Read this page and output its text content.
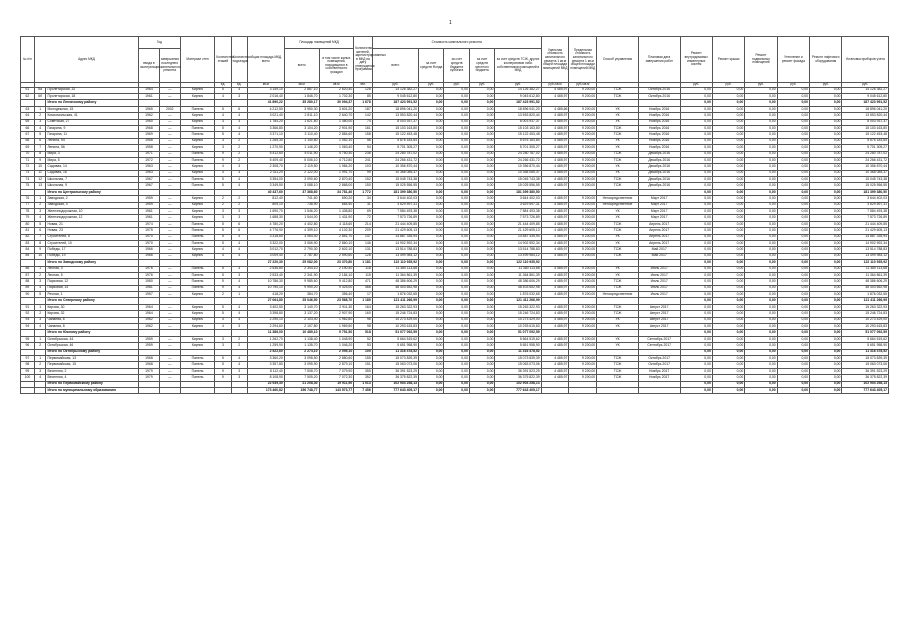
1
№ п/п	Адрес МКД		Год		Материал стен	Количество этажей	Количество подъездов	общая площадь МКД, всего	Площадь помещений МКД		Количество жителей, зарегистрированных в МКД на дату утверждения программы	Стоимость капитального ремонта					Удельная стоимость капитального ремонта 1 кв.м общей площади помещений МКД	Предельная стоимость капитального ремонта 1 кв.м общей площади помещений МКД	Способ управления	Плановая дата завершения работ	Ремонт внутридомовых инженерных систем	Ремонт крыши	Ремонт подвальных помещений	Утепление и ремонт фасада	Ремонт лифтового оборудования	Установка приборов учета
			ввода в эксплуатацию	завершения последнего капитального ремонта					всего	в том числе жилых помещений, находящихся в собственности граждан		всего	за счет средств Фонда	за счет средств бюджета субъекта	за счет средств местного бюджета	за счет средств ТСЖ, других кооперативов либо собственников помещений в МКД										

						ед.	ед.	кв.м	кв.м	кв.м	чел.	руб.	руб.	руб.	руб.	руб.	руб./кв.м	руб./кв.м			руб.	руб.	руб.	руб.	руб.	руб.
61	6а	Пролетарская, 32	1964	—	Кирпич	5	4	3 149,10	2 887,10	2 620,40	128	14 126 382,27	0,00	0,00	0,00	14 126 382,27	4 485,97	9 200,00	ТСЖ	Октябрь 2016	0,00	0,00	0,00	0,00	0,00	14 126 382,27
62	6б	Пролетарская, 18	1961	—	Кирпич	4	3	2 016,40	1 846,70	1 702,30	85	9 045 612,80	0,00	0,00	0,00	9 045 612,80	4 485,97	9 200,00	ТСЖ	Октябрь 2016	0,00	0,00	0,00	0,00	0,00	9 045 612,80
		Итого по Ленинскому району						41 890,22	35 280,17	30 094,37	1 678	187 423 991,52	0,00	0,00	0,00	187 423 991,52					0,00	0,00	0,00	0,00	0,00	187 423 991,52
63	1	Молодежная, 15	1965	2002	Панель	5	6	4 212,50	3 950,30	3 601,20	187	18 896 041,20	0,00	0,00	0,00	18 896 041,20	4 485,66	9 200,00	УК	Ноябрь 2016	0,00	0,00	0,00	0,00	0,00	18 896 041,20
64	2	Комсомольская, 41	1962	—	Кирпич	4	4	3 021,40	2 811,10	2 640,70	142	13 553 820,44	0,00	0,00	0,00	13 553 820,44	4 485,97	9 200,00	УК	Ноябрь 2016	0,00	0,00	0,00	0,00	0,00	13 553 820,44
65	3	Советская, 27	1960	—	Кирпич	3	3	1 784,20	1 621,60	1 480,00	74	8 003 937,37	0,00	0,00	0,00	8 003 937,37	4 485,97	9 200,00	УК	Ноябрь 2016	0,00	0,00	0,00	0,00	0,00	8 003 937,37
66	4	Гагарина, 9	1968	—	Панель	5	4	3 366,80	3 104,20	2 901,90	161	15 103 163,80	0,00	0,00	0,00	15 103 163,80	4 485,97	9 200,00	ТСЖ	Ноябрь 2016	0,00	0,00	0,00	0,00	0,00	15 103 163,80
67	5	Гагарина, 11	1969	—	Панель	5	4	3 371,10	3 110,40	2 884,60	158	15 122 453,48	0,00	0,00	0,00	15 122 453,48	4 485,97	9 200,00	ТСЖ	Ноябрь 2016	0,00	0,00	0,00	0,00	0,00	15 122 453,48
68	6	Ленина, 54	1958	—	Кирпич	3	2	1 265,30	1 140,80	1 052,10	56	5 676 183,84	0,00	0,00	0,00	5 676 183,84	4 485,97	9 200,00	УК	Ноябрь 2016	0,00	0,00	0,00	0,00	0,00	5 676 183,84
69	7	Ленина, 56	1958	—	Кирпич	3	2	1 270,90	1 146,20	1 063,40	54	5 701 305,27	0,00	0,00	0,00	5 701 305,27	4 485,97	9 200,00	УК	Ноябрь 2016	0,00	0,00	0,00	0,00	0,00	5 701 305,27
70	8	Мира, 3	1971	—	Панель	9	2	5 412,60	5 011,90	4 750,30	236	24 280 787,02	0,00	0,00	0,00	24 280 787,02	4 485,97	9 200,00	ТСЖ	Декабрь 2016	0,00	0,00	0,00	0,00	0,00	24 280 787,02
71	9	Мира, 5	1972	—	Панель	9	2	5 409,40	5 006,10	4 712,80	241	24 266 431,72	0,00	0,00	0,00	24 266 431,72	4 485,97	9 200,00	ТСЖ	Декабрь 2016	0,00	0,00	0,00	0,00	0,00	24 266 431,72
72	10	Садовая, 14	1963	—	Кирпич	4	3	2 308,70	2 119,50	1 984,20	103	10 356 870,44	0,00	0,00	0,00	10 356 870,44	4 485,97	9 200,00	УК	Декабрь 2016	0,00	0,00	0,00	0,00	0,00	10 356 870,44
73	11	Садовая, 16	1963	—	Кирпич	4	3	2 311,20	2 122,00	1 991,70	99	10 368 085,37	0,00	0,00	0,00	10 368 085,37	4 485,97	9 200,00	УК	Декабрь 2016	0,00	0,00	0,00	0,00	0,00	10 368 085,37
74	12	Школьная, 7	1967	—	Панель	5	4	3 354,00	3 090,60	2 870,40	152	15 045 743,38	0,00	0,00	0,00	15 045 743,38	4 485,97	9 200,00	ТСЖ	Декабрь 2016	0,00	0,00	0,00	0,00	0,00	15 045 743,38
75	13	Школьная, 9	1967	—	Панель	5	4	3 349,50	3 088,10	2 868,00	150	15 025 556,55	0,00	0,00	0,00	15 025 556,55	4 485,97	9 200,00	ТСЖ	Декабрь 2016	0,00	0,00	0,00	0,00	0,00	15 025 556,55
		Итого по Центральному району						40 437,60	37 368,60	34 781,40	1 772	181 399 380,50	0,00	0,00	0,00	181 399 380,50					0,00	0,00	0,00	0,00	0,00	181 399 380,50
76	1	Заводская, 2	1959	—	Кирпич	2	2	812,40	741,60	690,20	34	3 644 402,03	0,00	0,00	0,00	3 644 402,03	4 485,97	9 200,00	Непосредственное	Март 2017	0,00	0,00	0,00	0,00	0,00	3 644 402,03
77	2	Заводская, 4	1959	—	Кирпич	2	2	809,10	738,90	684,50	31	3 629 597,31	0,00	0,00	0,00	3 629 597,31	4 485,97	9 200,00	Непосредственное	Март 2017	0,00	0,00	0,00	0,00	0,00	3 629 597,31
78	3	Железнодорожная, 10	1961	—	Кирпич	3	3	1 690,70	1 546,20	1 438,80	69	7 584 493,38	0,00	0,00	0,00	7 584 493,38	4 485,97	9 200,00	УК	Март 2017	0,00	0,00	0,00	0,00	0,00	7 584 493,38
79	4	Железнодорожная, 12	1961	—	Кирпич	3	3	1 688,30	1 544,00	1 431,90	72	7 573 726,89	0,00	0,00	0,00	7 573 726,89	4 485,97	9 200,00	УК	Март 2017	0,00	0,00	0,00	0,00	0,00	7 573 726,89
80	5	Новая, 21	1974	—	Панель	5	6	4 780,20	4 402,80	4 118,60	214	21 444 409,85	0,00	0,00	0,00	21 444 409,85	4 485,97	9 200,00	ТСЖ	Апрель 2017	0,00	0,00	0,00	0,00	0,00	21 444 409,85
81	6	Новая, 23	1975	—	Панель	5	6	4 776,90	4 399,10	4 102,30	209	21 429 605,13	0,00	0,00	0,00	21 429 605,13	4 485,97	9 200,00	ТСЖ	Апрель 2017	0,00	0,00	0,00	0,00	0,00	21 429 605,13
82	7	Строителей, 8	1970	—	Панель	5	4	3 318,60	3 064,40	2 851,70	147	14 887 335,94	0,00	0,00	0,00	14 887 335,94	4 485,97	9 200,00	УК	Апрель 2017	0,00	0,00	0,00	0,00	0,00	14 887 335,94
83	8	Строителей, 10	1970	—	Панель	5	4	3 322,00	3 066,90	2 860,10	146	14 902 592,34	0,00	0,00	0,00	14 902 592,34	4 485,97	9 200,00	УК	Апрель 2017	0,00	0,00	0,00	0,00	0,00	14 902 592,34
84	9	Победы, 17	1966	—	Кирпич	4	4	3 012,70	2 790,30	2 602,10	131	13 514 788,83	0,00	0,00	0,00	13 514 788,83	4 485,97	9 200,00	ТСЖ	Май 2017	0,00	0,00	0,00	0,00	0,00	13 514 788,83
85	10	Победы, 19	1966	—	Кирпич	4	4	3 009,40	2 787,80	2 590,60	128	13 499 984,12	0,00	0,00	0,00	13 499 984,12	4 485,97	9 200,00	ТСЖ	Май 2017	0,00	0,00	0,00	0,00	0,00	13 499 984,12
		Итого по Заводскому району						27 220,30	25 082,00	23 370,80	1 181	122 110 935,92	0,00	0,00	0,00	122 110 935,92					0,00	0,00	0,00	0,00	0,00	122 110 935,92
86	1	Лесная, 3	1976	—	Панель	5	3	2 536,80	2 344,10	2 190,40	118	11 380 113,68	0,00	0,00	0,00	11 380 113,68	4 485,97	9 200,00	УК	Июнь 2017	0,00	0,00	0,00	0,00	0,00	11 380 113,68
87	2	Лесная, 5	1976	—	Панель	5	3	2 533,40	2 341,90	2 184,10	115	11 364 861,39	0,00	0,00	0,00	11 364 861,39	4 485,97	9 200,00	УК	Июнь 2017	0,00	0,00	0,00	0,00	0,00	11 364 861,39
88	3	Парковая, 12	1980	—	Панель	9	4	10 786,30	9 985,60	9 412,80	471	48 386 606,29	0,00	0,00	0,00	48 386 606,29	4 485,97	9 200,00	ТСЖ	Июль 2017	0,00	0,00	0,00	0,00	0,00	48 386 606,29
89	4	Парковая, 14	1981	—	Панель	9	4	10 790,10	9 990,20	9 425,00	468	48 403 652,98	0,00	0,00	0,00	48 403 652,98	4 485,97	9 200,00	ТСЖ	Июль 2017	0,00	0,00	0,00	0,00	0,00	48 403 652,98
90	5	Речная, 1	1957	—	Кирпич	2	1	418,20	384,70	356,40	17	1 876 032,65	0,00	0,00	0,00	1 876 032,65	4 485,97	9 200,00	Непосредственное	Июль 2017	0,00	0,00	0,00	0,00	0,00	1 876 032,65
		Итого по Северному району						27 064,80	25 046,50	23 568,70	1 189	121 411 266,99	0,00	0,00	0,00	121 411 266,99					0,00	0,00	0,00	0,00	0,00	121 411 266,99
91	1	Кирова, 30	1964	—	Кирпич	5	4	3 402,50	3 140,70	2 911,30	164	15 263 322,93	0,00	0,00	0,00	15 263 322,93	4 485,97	9 200,00	ТСЖ	Август 2017	0,00	0,00	0,00	0,00	0,00	15 263 322,93
92	2	Кирова, 32	1964	—	Кирпич	5	4	3 398,80	3 137,20	2 907,90	160	15 246 724,83	0,00	0,00	0,00	15 246 724,83	4 485,97	9 200,00	ТСЖ	Август 2017	0,00	0,00	0,00	0,00	0,00	15 246 724,83
93	3	Чапаева, 6	1962	—	Кирпич	4	3	2 290,10	2 103,40	1 962,80	96	10 273 429,00	0,00	0,00	0,00	10 273 429,00	4 485,97	9 200,00	УК	Август 2017	0,00	0,00	0,00	0,00	0,00	10 273 429,00
94	4	Чапаева, 8	1962	—	Кирпич	4	3	2 294,60	2 107,80	1 969,50	98	10 293 615,83	0,00	0,00	0,00	10 293 615,83	4 485,97	9 200,00	УК	Август 2017	0,00	0,00	0,00	0,00	0,00	10 293 615,83
		Итого по Южному району						11 386,00	10 489,10	9 751,50	518	51 077 092,59	0,00	0,00	0,00	51 077 092,59					0,00	0,00	0,00	0,00	0,00	51 077 092,59
95	1	Октябрьская, 44	1959	—	Кирпич	3	2	1 262,70	1 138,40	1 048,90	52	5 664 519,62	0,00	0,00	0,00	5 664 519,62	4 485,97	9 200,00	УК	Сентябрь 2017	0,00	0,00	0,00	0,00	0,00	5 664 519,62
96	2	Октябрьская, 46	1959	—	Кирпич	3	2	1 259,90	1 135,70	1 046,20	53	5 651 958,90	0,00	0,00	0,00	5 651 958,90	4 485,97	9 200,00	УК	Сентябрь 2017	0,00	0,00	0,00	0,00	0,00	5 651 958,90
		Итого по Октябрьскому району						2 522,60	2 274,10	2 095,10	105	11 316 478,52	0,00	0,00	0,00	11 316 478,52					0,00	0,00	0,00	0,00	0,00	11 316 478,52
97	1	Первомайская, 13	1968	—	Панель	5	4	3 360,20	3 098,50	2 880,60	155	15 073 839,39	0,00	0,00	0,00	15 073 839,39	4 485,97	9 200,00	ТСЖ	Октябрь 2017	0,00	0,00	0,00	0,00	0,00	15 073 839,39
98	2	Первомайская, 15	1968	—	Панель	5	4	3 357,80	3 095,90	2 879,10	151	15 063 073,06	0,00	0,00	0,00	15 063 073,06	4 485,97	9 200,00	ТСЖ	Октябрь 2017	0,00	0,00	0,00	0,00	0,00	15 063 073,06
99	3	Весенняя, 2	1979	—	Панель	9	3	8 112,40	7 508,70	7 079,90	355	36 391 523,29	0,00	0,00	0,00	36 391 523,29	4 485,97	9 200,00	ТСЖ	Ноябрь 2017	0,00	0,00	0,00	0,00	0,00	36 391 523,29
100	4	Весенняя, 4	1979	—	Панель	9	3	8 108,90	7 505,20	7 072,30	352	36 375 822,39	0,00	0,00	0,00	36 375 822,39	4 485,97	9 200,00	ТСЖ	Ноябрь 2017	0,00	0,00	0,00	0,00	0,00	36 375 822,39
		Итого по Первомайскому району						22 939,30	21 208,30	19 911,90	1 013	102 904 258,13	0,00	0,00	0,00	102 904 258,13					0,00	0,00	0,00	0,00	0,00	102 904 258,13
		Итого по муниципальному образованию						173 460,82	156 748,77	143 573,77	7 456	777 643 405,17	0,00	0,00	0,00	777 643 405,17					0,00	0,00	0,00	0,00	0,00	777 643 405,17
